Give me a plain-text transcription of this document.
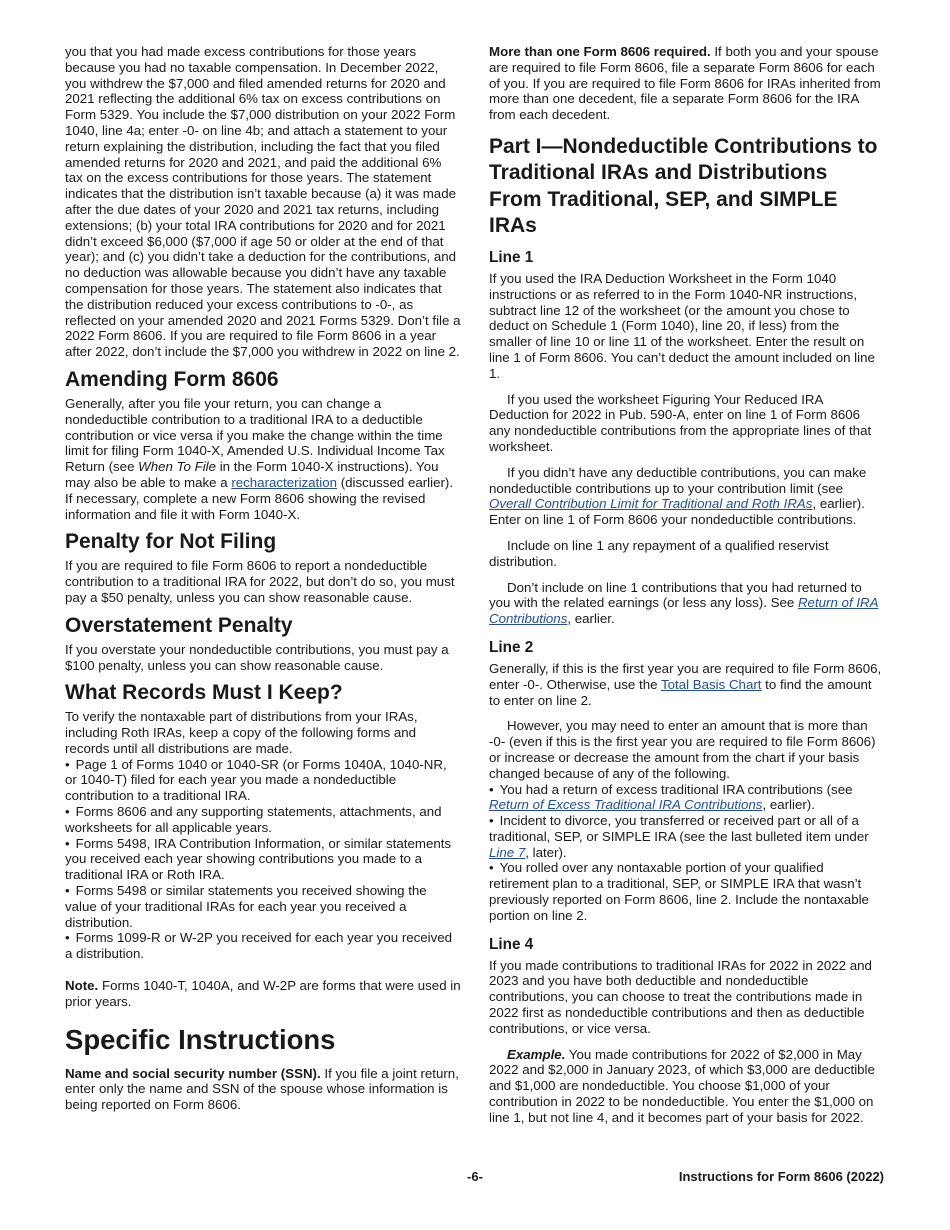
you that you had made excess contributions for those years because you had no taxable compensation. In December 2022, you withdrew the $7,000 and filed amended returns for 2020 and 2021 reflecting the additional 6% tax on excess contributions on Form 5329. You include the $7,000 distribution on your 2022 Form 1040, line 4a; enter -0- on line 4b; and attach a statement to your return explaining the distribution, including the fact that you filed amended returns for 2020 and 2021, and paid the additional 6% tax on the excess contributions for those years. The statement indicates that the distribution isn’t taxable because (a) it was made after the due dates of your 2020 and 2021 tax returns, including extensions; (b) your total IRA contributions for 2020 and for 2021 didn’t exceed $6,000 ($7,000 if age 50 or older at the end of that year); and (c) you didn’t take a deduction for the contributions, and no deduction was allowable because you didn’t have any taxable compensation for those years. The statement also indicates that the distribution reduced your excess contributions to -0-, as reflected on your amended 2020 and 2021 Forms 5329. Don’t file a 2022 Form 8606. If you are required to file Form 8606 in a year after 2022, don’t include the $7,000 you withdrew in 2022 on line 2.

Amending Form 8606

Generally, after you file your return, you can change a nondeductible contribution to a traditional IRA to a deductible contribution or vice versa if you make the change within the time limit for filing Form 1040-X, Amended U.S. Individual Income Tax Return (see When To File in the Form 1040-X instructions). You may also be able to make a recharacterization (discussed earlier). If necessary, complete a new Form 8606 showing the revised information and file it with Form 1040-X.

Penalty for Not Filing

If you are required to file Form 8606 to report a nondeductible contribution to a traditional IRA for 2022, but don’t do so, you must pay a $50 penalty, unless you can show reasonable cause.

Overstatement Penalty

If you overstate your nondeductible contributions, you must pay a $100 penalty, unless you can show reasonable cause.

What Records Must I Keep?

To verify the nontaxable part of distributions from your IRAs, including Roth IRAs, keep a copy of the following forms and records until all distributions are made.

• Page 1 of Forms 1040 or 1040-SR (or Forms 1040A, 1040-NR, or 1040-T) filed for each year you made a nondeductible contribution to a traditional IRA.

• Forms 8606 and any supporting statements, attachments, and worksheets for all applicable years.

• Forms 5498, IRA Contribution Information, or similar statements you received each year showing contributions you made to a traditional IRA or Roth IRA.

• Forms 5498 or similar statements you received showing the value of your traditional IRAs for each year you received a distribution.

• Forms 1099-R or W-2P you received for each year you received a distribution.

Note. Forms 1040-T, 1040A, and W-2P are forms that were used in prior years.

Specific Instructions

Name and social security number (SSN). If you file a joint return, enter only the name and SSN of the spouse whose information is being reported on Form 8606.

More than one Form 8606 required. If both you and your spouse are required to file Form 8606, file a separate Form 8606 for each of you. If you are required to file Form 8606 for IRAs inherited from more than one decedent, file a separate Form 8606 for the IRA from each decedent.

Part I—Nondeductible Contributions to Traditional IRAs and Distributions From Traditional, SEP, and SIMPLE IRAs
Line 1

If you used the IRA Deduction Worksheet in the Form 1040 instructions or as referred to in the Form 1040-NR instructions, subtract line 12 of the worksheet (or the amount you chose to deduct on Schedule 1 (Form 1040), line 20, if less) from the smaller of line 10 or line 11 of the worksheet. Enter the result on line 1 of Form 8606. You can’t deduct the amount included on line 1.

If you used the worksheet Figuring Your Reduced IRA Deduction for 2022 in Pub. 590-A, enter on line 1 of Form 8606 any nondeductible contributions from the appropriate lines of that worksheet.

If you didn’t have any deductible contributions, you can make nondeductible contributions up to your contribution limit (see Overall Contribution Limit for Traditional and Roth IRAs, earlier). Enter on line 1 of Form 8606 your nondeductible contributions.

Include on line 1 any repayment of a qualified reservist distribution.

Don’t include on line 1 contributions that you had returned to you with the related earnings (or less any loss). See Return of IRA Contributions, earlier.

Line 2

Generally, if this is the first year you are required to file Form 8606, enter -0-. Otherwise, use the Total Basis Chart to find the amount to enter on line 2.

However, you may need to enter an amount that is more than -0- (even if this is the first year you are required to file Form 8606) or increase or decrease the amount from the chart if your basis changed because of any of the following.

• You had a return of excess traditional IRA contributions (see Return of Excess Traditional IRA Contributions, earlier).

• Incident to divorce, you transferred or received part or all of a traditional, SEP, or SIMPLE IRA (see the last bulleted item under Line 7, later).

• You rolled over any nontaxable portion of your qualified retirement plan to a traditional, SEP, or SIMPLE IRA that wasn’t previously reported on Form 8606, line 2. Include the nontaxable portion on line 2.

Line 4

If you made contributions to traditional IRAs for 2022 in 2022 and 2023 and you have both deductible and nondeductible contributions, you can choose to treat the contributions made in 2022 first as nondeductible contributions and then as deductible contributions, or vice versa.

Example. You made contributions for 2022 of $2,000 in May 2022 and $2,000 in January 2023, of which $3,000 are deductible and $1,000 are nondeductible. You choose $1,000 of your contribution in 2022 to be nondeductible. You enter the $1,000 on line 1, but not line 4, and it becomes part of your basis for 2022.

-6-	Instructions for Form 8606 (2022)
